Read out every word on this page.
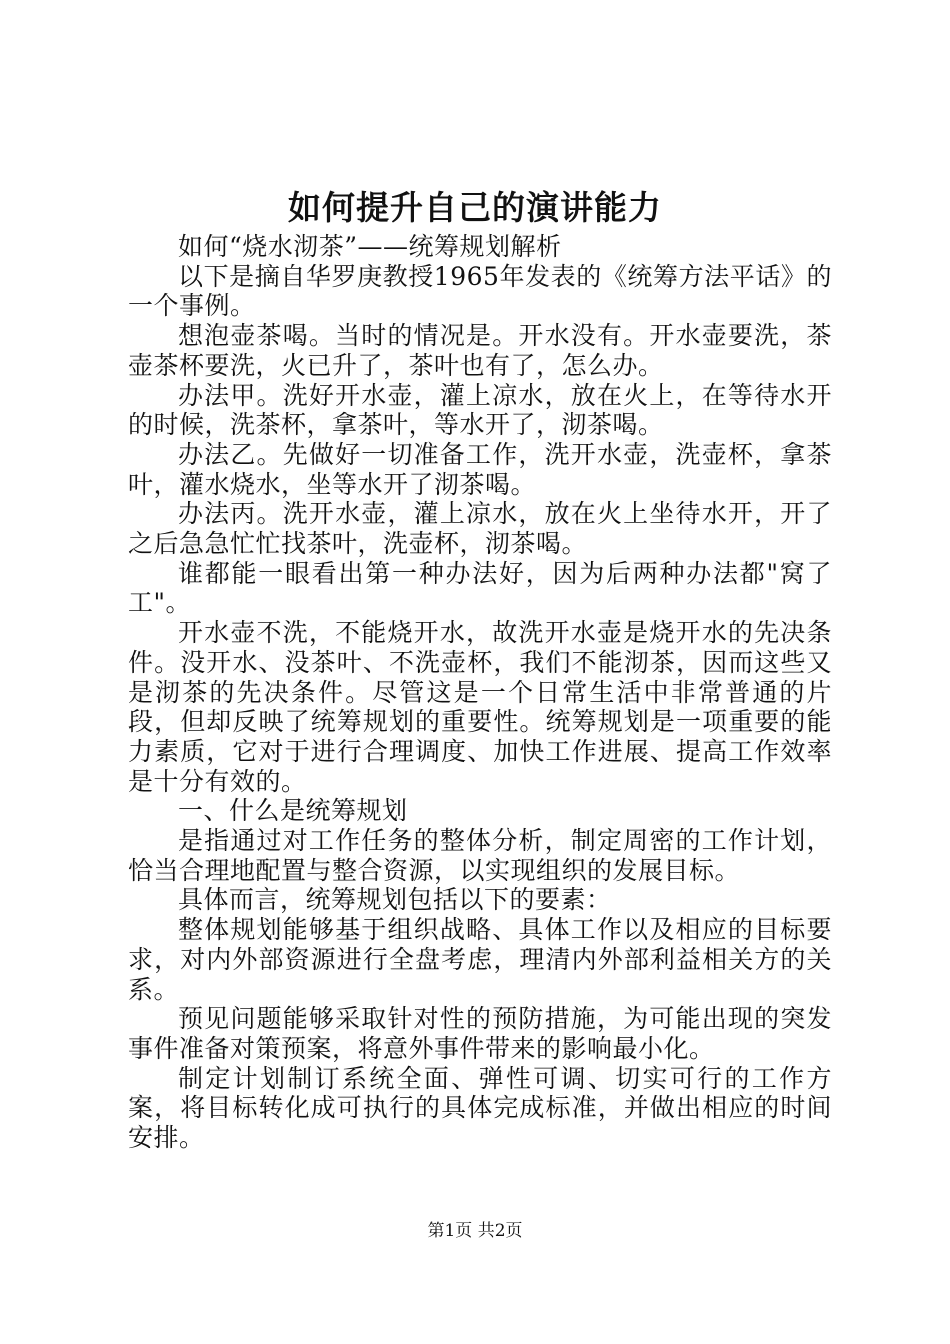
如何提升自己的演讲能力

如何“烧水沏茶”——统筹规划解析

以下是摘自华罗庚教授1965年发表的《统筹方法平话》的一个事例。

想泡壶茶喝。当时的情况是。开水没有。开水壶要洗，茶壶茶杯要洗，火已升了，茶叶也有了，怎么办。

办法甲。洗好开水壶，灌上凉水，放在火上，在等待水开的时候，洗茶杯，拿茶叶，等水开了，沏茶喝。

办法乙。先做好一切准备工作，洗开水壶，洗壶杯，拿茶叶，灌水烧水，坐等水开了沏茶喝。

办法丙。洗开水壶，灌上凉水，放在火上坐待水开，开了之后急急忙忙找茶叶，洗壶杯，沏茶喝。

谁都能一眼看出第一种办法好，因为后两种办法都"窝了工"。

开水壶不洗，不能烧开水，故洗开水壶是烧开水的先决条件。没开水、没茶叶、不洗壶杯，我们不能沏茶，因而这些又是沏茶的先决条件。尽管这是一个日常生活中非常普通的片段，但却反映了统筹规划的重要性。统筹规划是一项重要的能力素质，它对于进行合理调度、加快工作进展、提高工作效率是十分有效的。

一、什么是统筹规划

是指通过对工作任务的整体分析，制定周密的工作计划，恰当合理地配置与整合资源，以实现组织的发展目标。

具体而言，统筹规划包括以下的要素：

整体规划能够基于组织战略、具体工作以及相应的目标要求，对内外部资源进行全盘考虑，理清内外部利益相关方的关系。

预见问题能够采取针对性的预防措施，为可能出现的突发事件准备对策预案，将意外事件带来的影响最小化。

制定计划制订系统全面、弹性可调、切实可行的工作方案，将目标转化成可执行的具体完成标准，并做出相应的时间安排。

第1页 共2页
